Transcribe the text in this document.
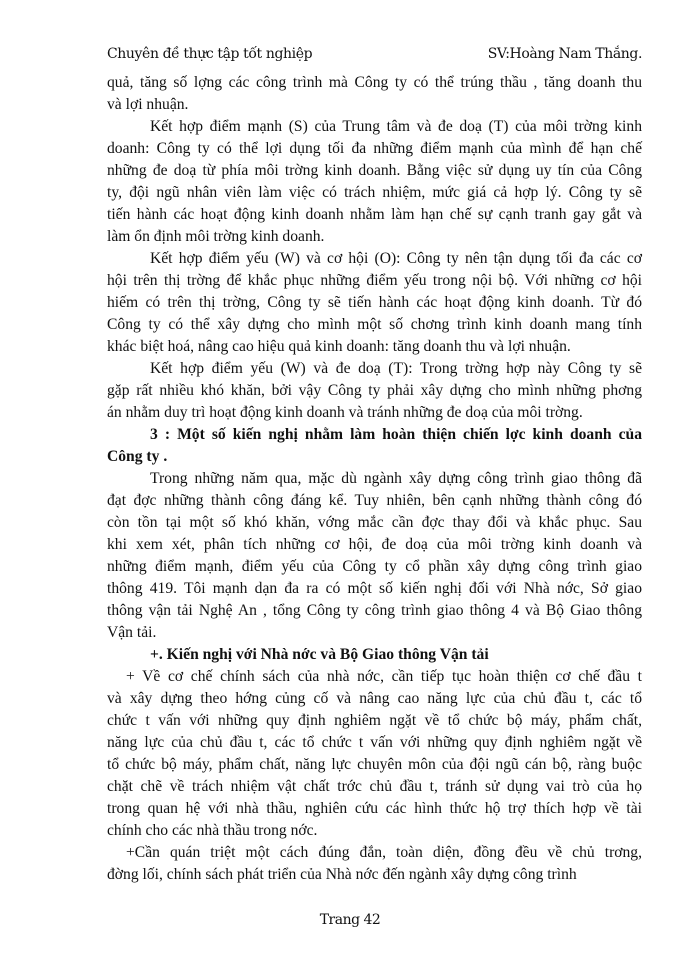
Chuyên đề thực tập tốt nghiệp	SV:Hoàng Nam Thắng.
quả, tăng số lợng các công trình mà Công ty có thể trúng thầu , tăng doanh thu
và lợi nhuận.
Kết hợp điểm mạnh (S) của Trung tâm và đe doạ (T) của môi trờng kinh
doanh: Công ty có thể lợi dụng tối đa những điểm mạnh của mình để hạn chế
những đe doạ từ phía môi trờng kinh doanh. Bằng việc sử dụng uy tín của Công
ty, đội ngũ nhân viên làm việc có trách nhiệm, mức giá cả hợp lý. Công ty sẽ
tiến hành các hoạt động kinh doanh nhằm làm hạn chế sự cạnh tranh gay gắt và
làm ổn định môi trờng kinh doanh.
Kết hợp điểm yếu (W) và cơ hội (O): Công ty nên tận dụng tối đa các cơ
hội trên thị trờng để khắc phục những điểm yếu trong nội bộ. Với những cơ hội
hiếm có trên thị trờng, Công ty sẽ tiến hành các hoạt động kinh doanh. Từ đó
Công ty có thể xây dựng cho mình một số chơng trình kinh doanh mang tính
khác biệt hoá, nâng cao hiệu quả kinh doanh: tăng doanh thu và lợi nhuận.
Kết hợp điểm yếu (W) và đe doạ (T): Trong trờng hợp này Công ty sẽ
gặp rất nhiều khó khăn, bởi vậy Công ty phải xây dựng cho mình những phơng
án nhằm duy trì hoạt động kinh doanh và tránh những đe doạ của môi trờng.
3 : Một số kiến nghị nhằm làm hoàn thiện chiến lợc kinh doanh của
Công ty .
Trong những năm qua, mặc dù ngành xây dựng công trình giao thông đã
đạt đợc những thành công đáng kể. Tuy nhiên, bên cạnh những thành công đó
còn tồn tại một số khó khăn, vớng mắc cần đợc thay đổi và khắc phục. Sau
khi xem xét, phân tích những cơ hội, đe doạ của môi trờng kinh doanh và
những điểm mạnh, điểm yếu của Công ty cổ phần xây dựng công trình giao
thông 419. Tôi mạnh dạn đa ra có một số kiến nghị đối với Nhà nớc, Sở giao
thông vận tải Nghệ An , tổng Công ty công trình giao thông 4 và Bộ Giao thông
Vận tải.
+. Kiến nghị với Nhà nớc và Bộ Giao thông Vận tải
+ Về cơ chế chính sách của nhà nớc, cần tiếp tục hoàn thiện cơ chế đầu t
và xây dựng theo hớng củng cố và nâng cao năng lực của chủ đầu t, các tổ
chức t vấn với những quy định nghiêm ngặt về tổ chức bộ máy, phẩm chất,
năng lực của chủ đầu t, các tổ chức t vấn với những quy định nghiêm ngặt về
tổ chức bộ máy, phẩm chất, năng lực chuyên môn của đội ngũ cán bộ, ràng buộc
chặt chẽ về trách nhiệm vật chất trớc chủ đầu t, tránh sử dụng vai trò của họ
trong quan hệ với nhà thầu, nghiên cứu các hình thức hộ trợ thích hợp về tài
chính cho các nhà thầu trong nớc.
+Cần quán triệt một cách đúng đắn, toàn diện, đồng đều về chủ trơng,
đờng lối, chính sách phát triển của Nhà nớc đến ngành xây dựng công trình
Trang 42
